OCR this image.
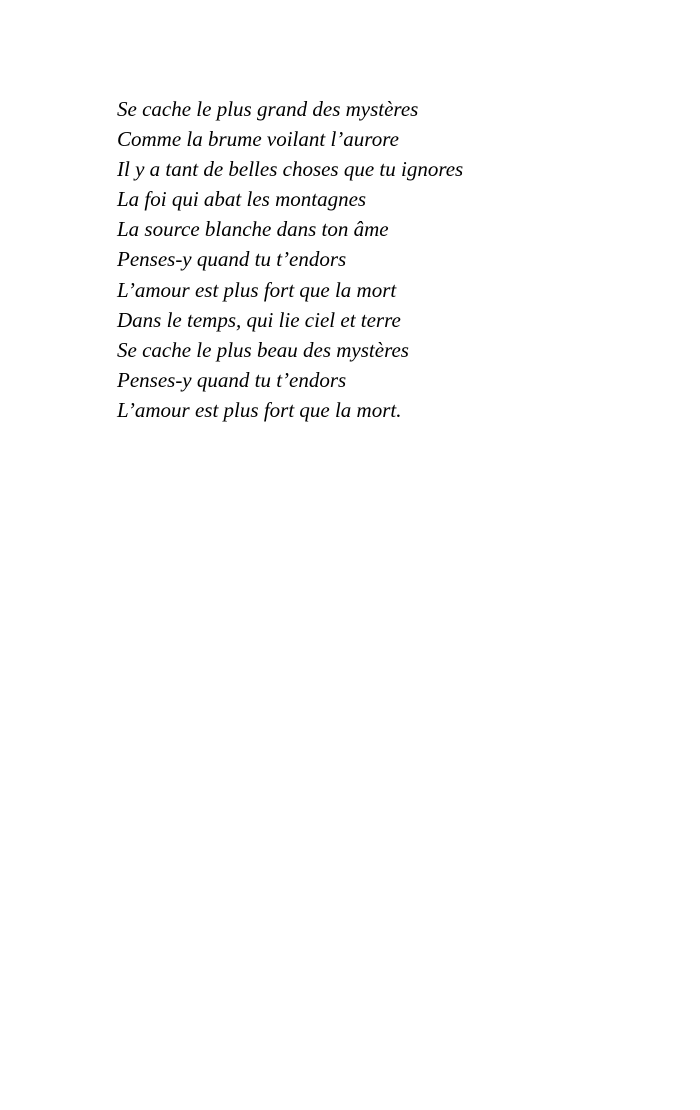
Se cache le plus grand des mystères
Comme la brume voilant l’aurore
Il y a tant de belles choses que tu ignores
La foi qui abat les montagnes
La source blanche dans ton âme
Penses-y quand tu t’endors
L’amour est plus fort que la mort
Dans le temps, qui lie ciel et terre
Se cache le plus beau des mystères
Penses-y quand tu t’endors
L’amour est plus fort que la mort.
